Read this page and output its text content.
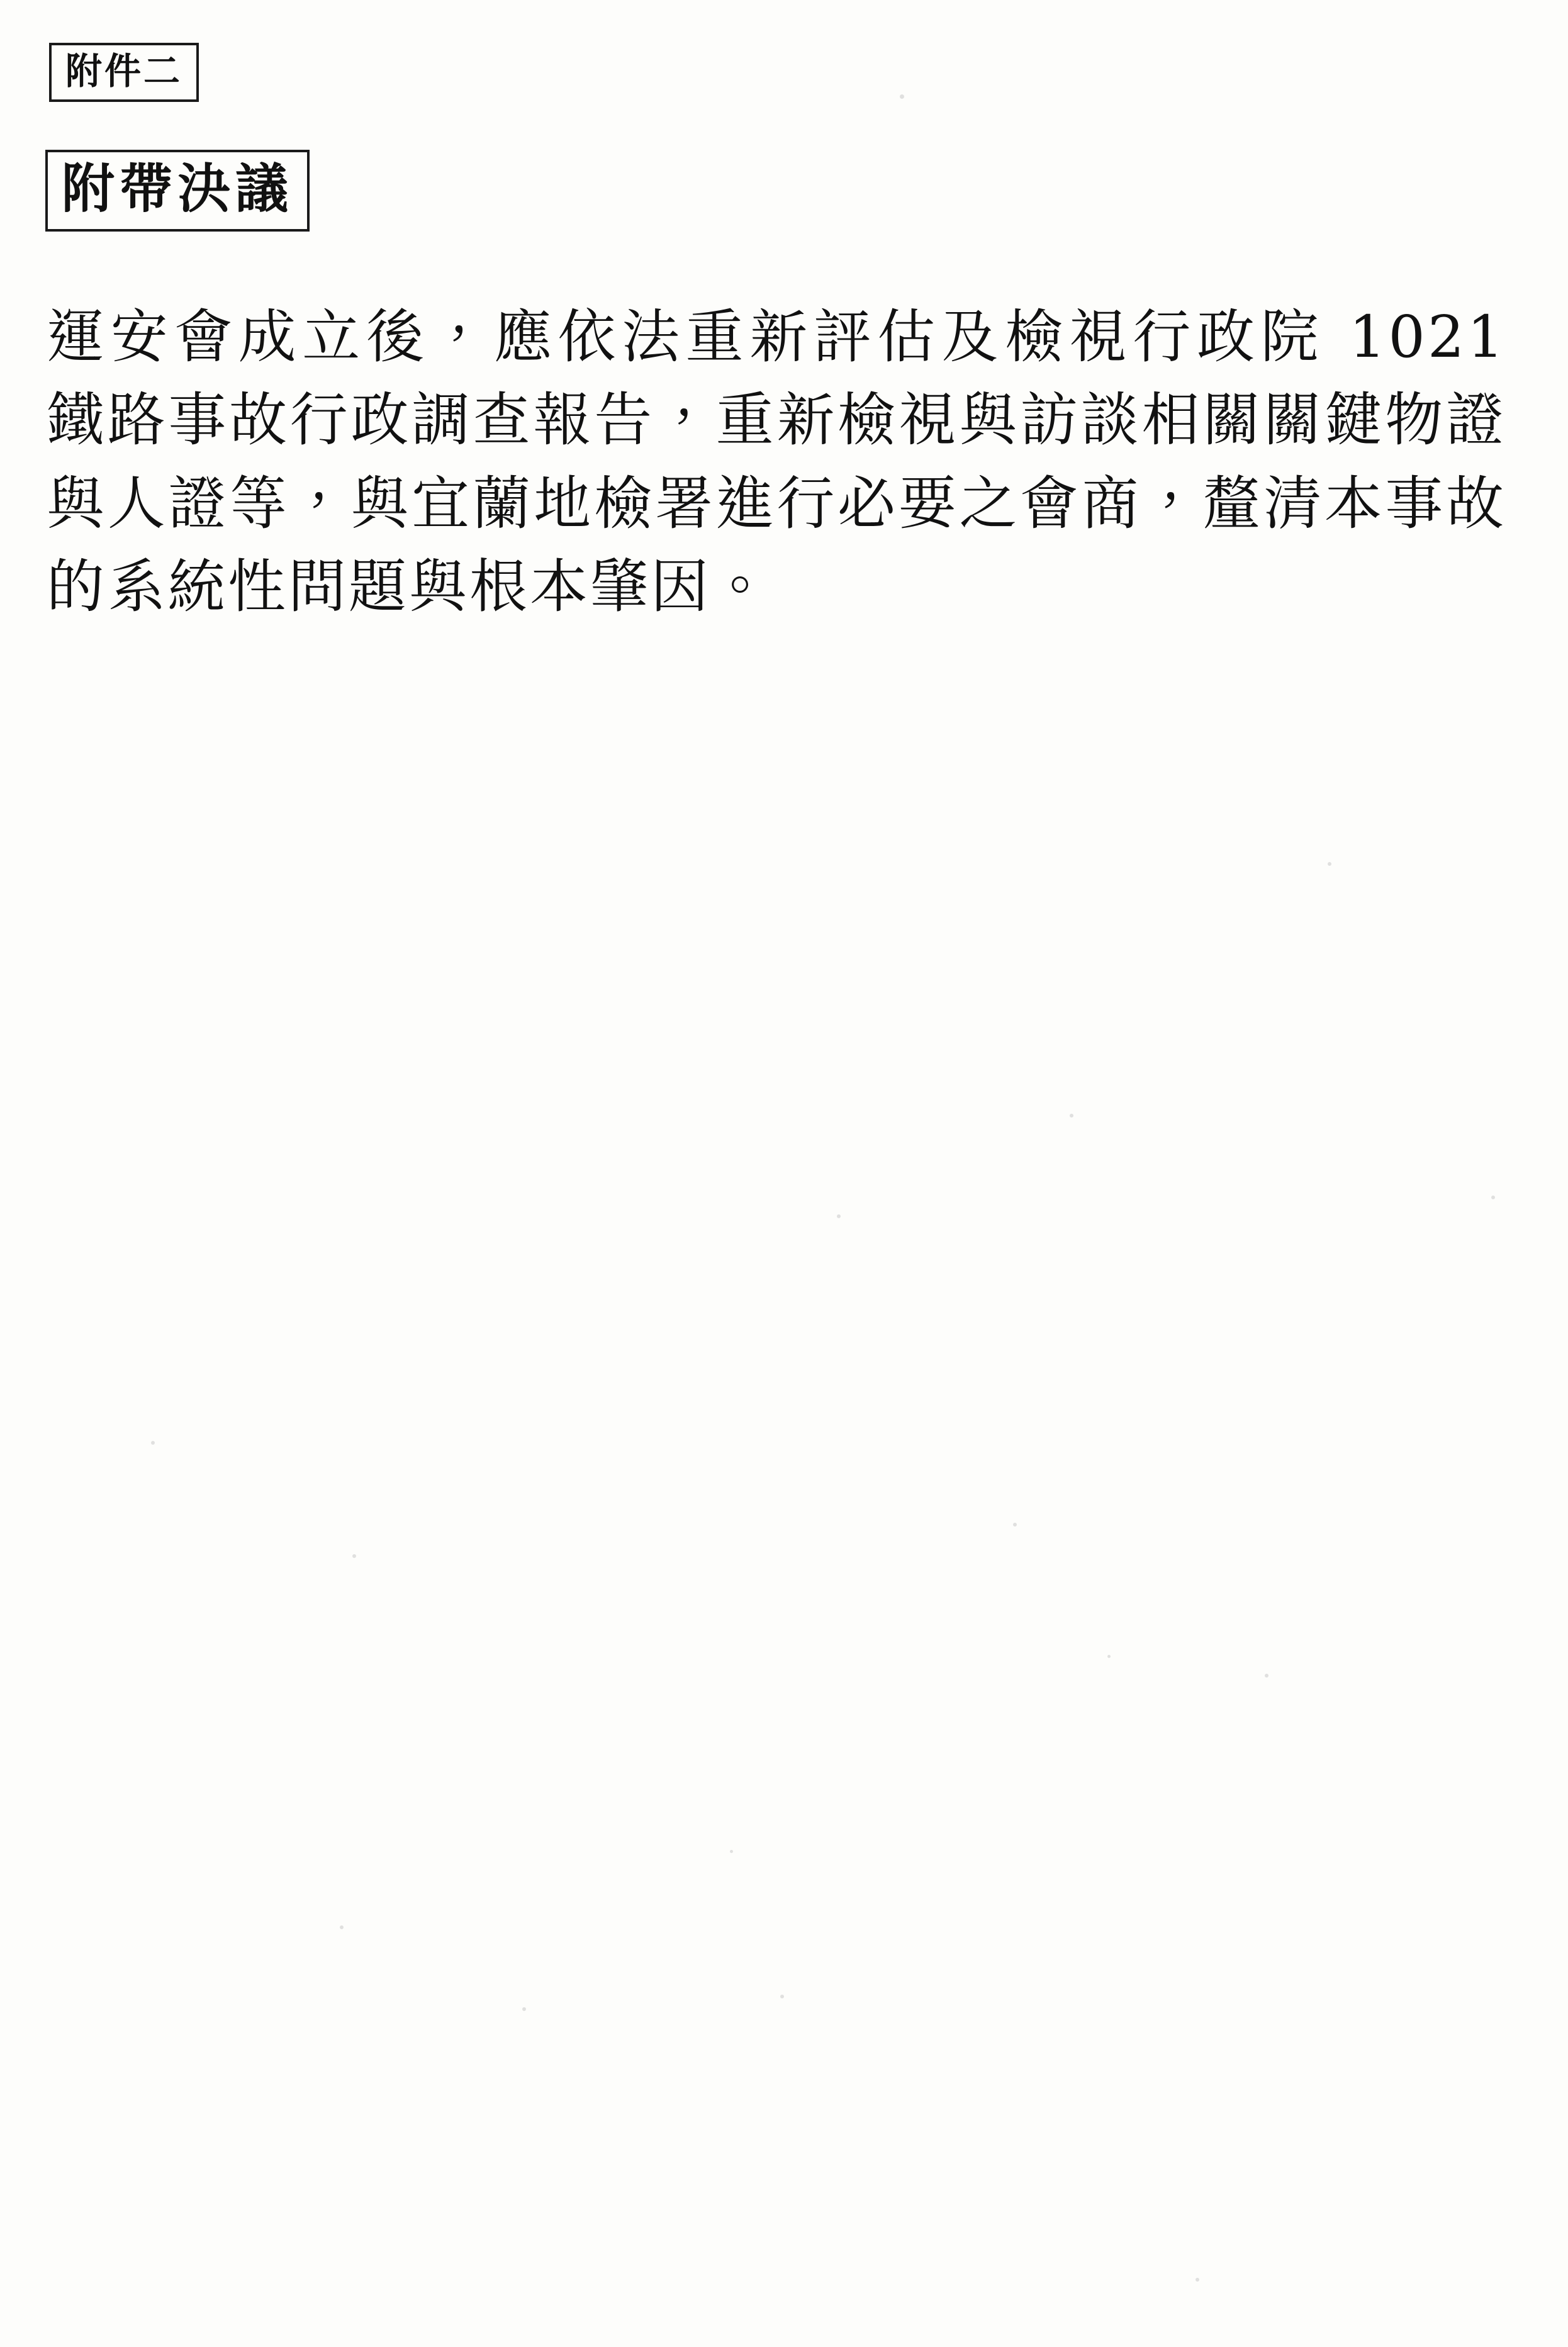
附件二
附帶決議
運安會成立後，應依法重新評估及檢視行政院 1021 鐵路事故行政調查報告，重新檢視與訪談相關關鍵物證與人證等，與宜蘭地檢署進行必要之會商，釐清本事故的系統性問題與根本肇因。
